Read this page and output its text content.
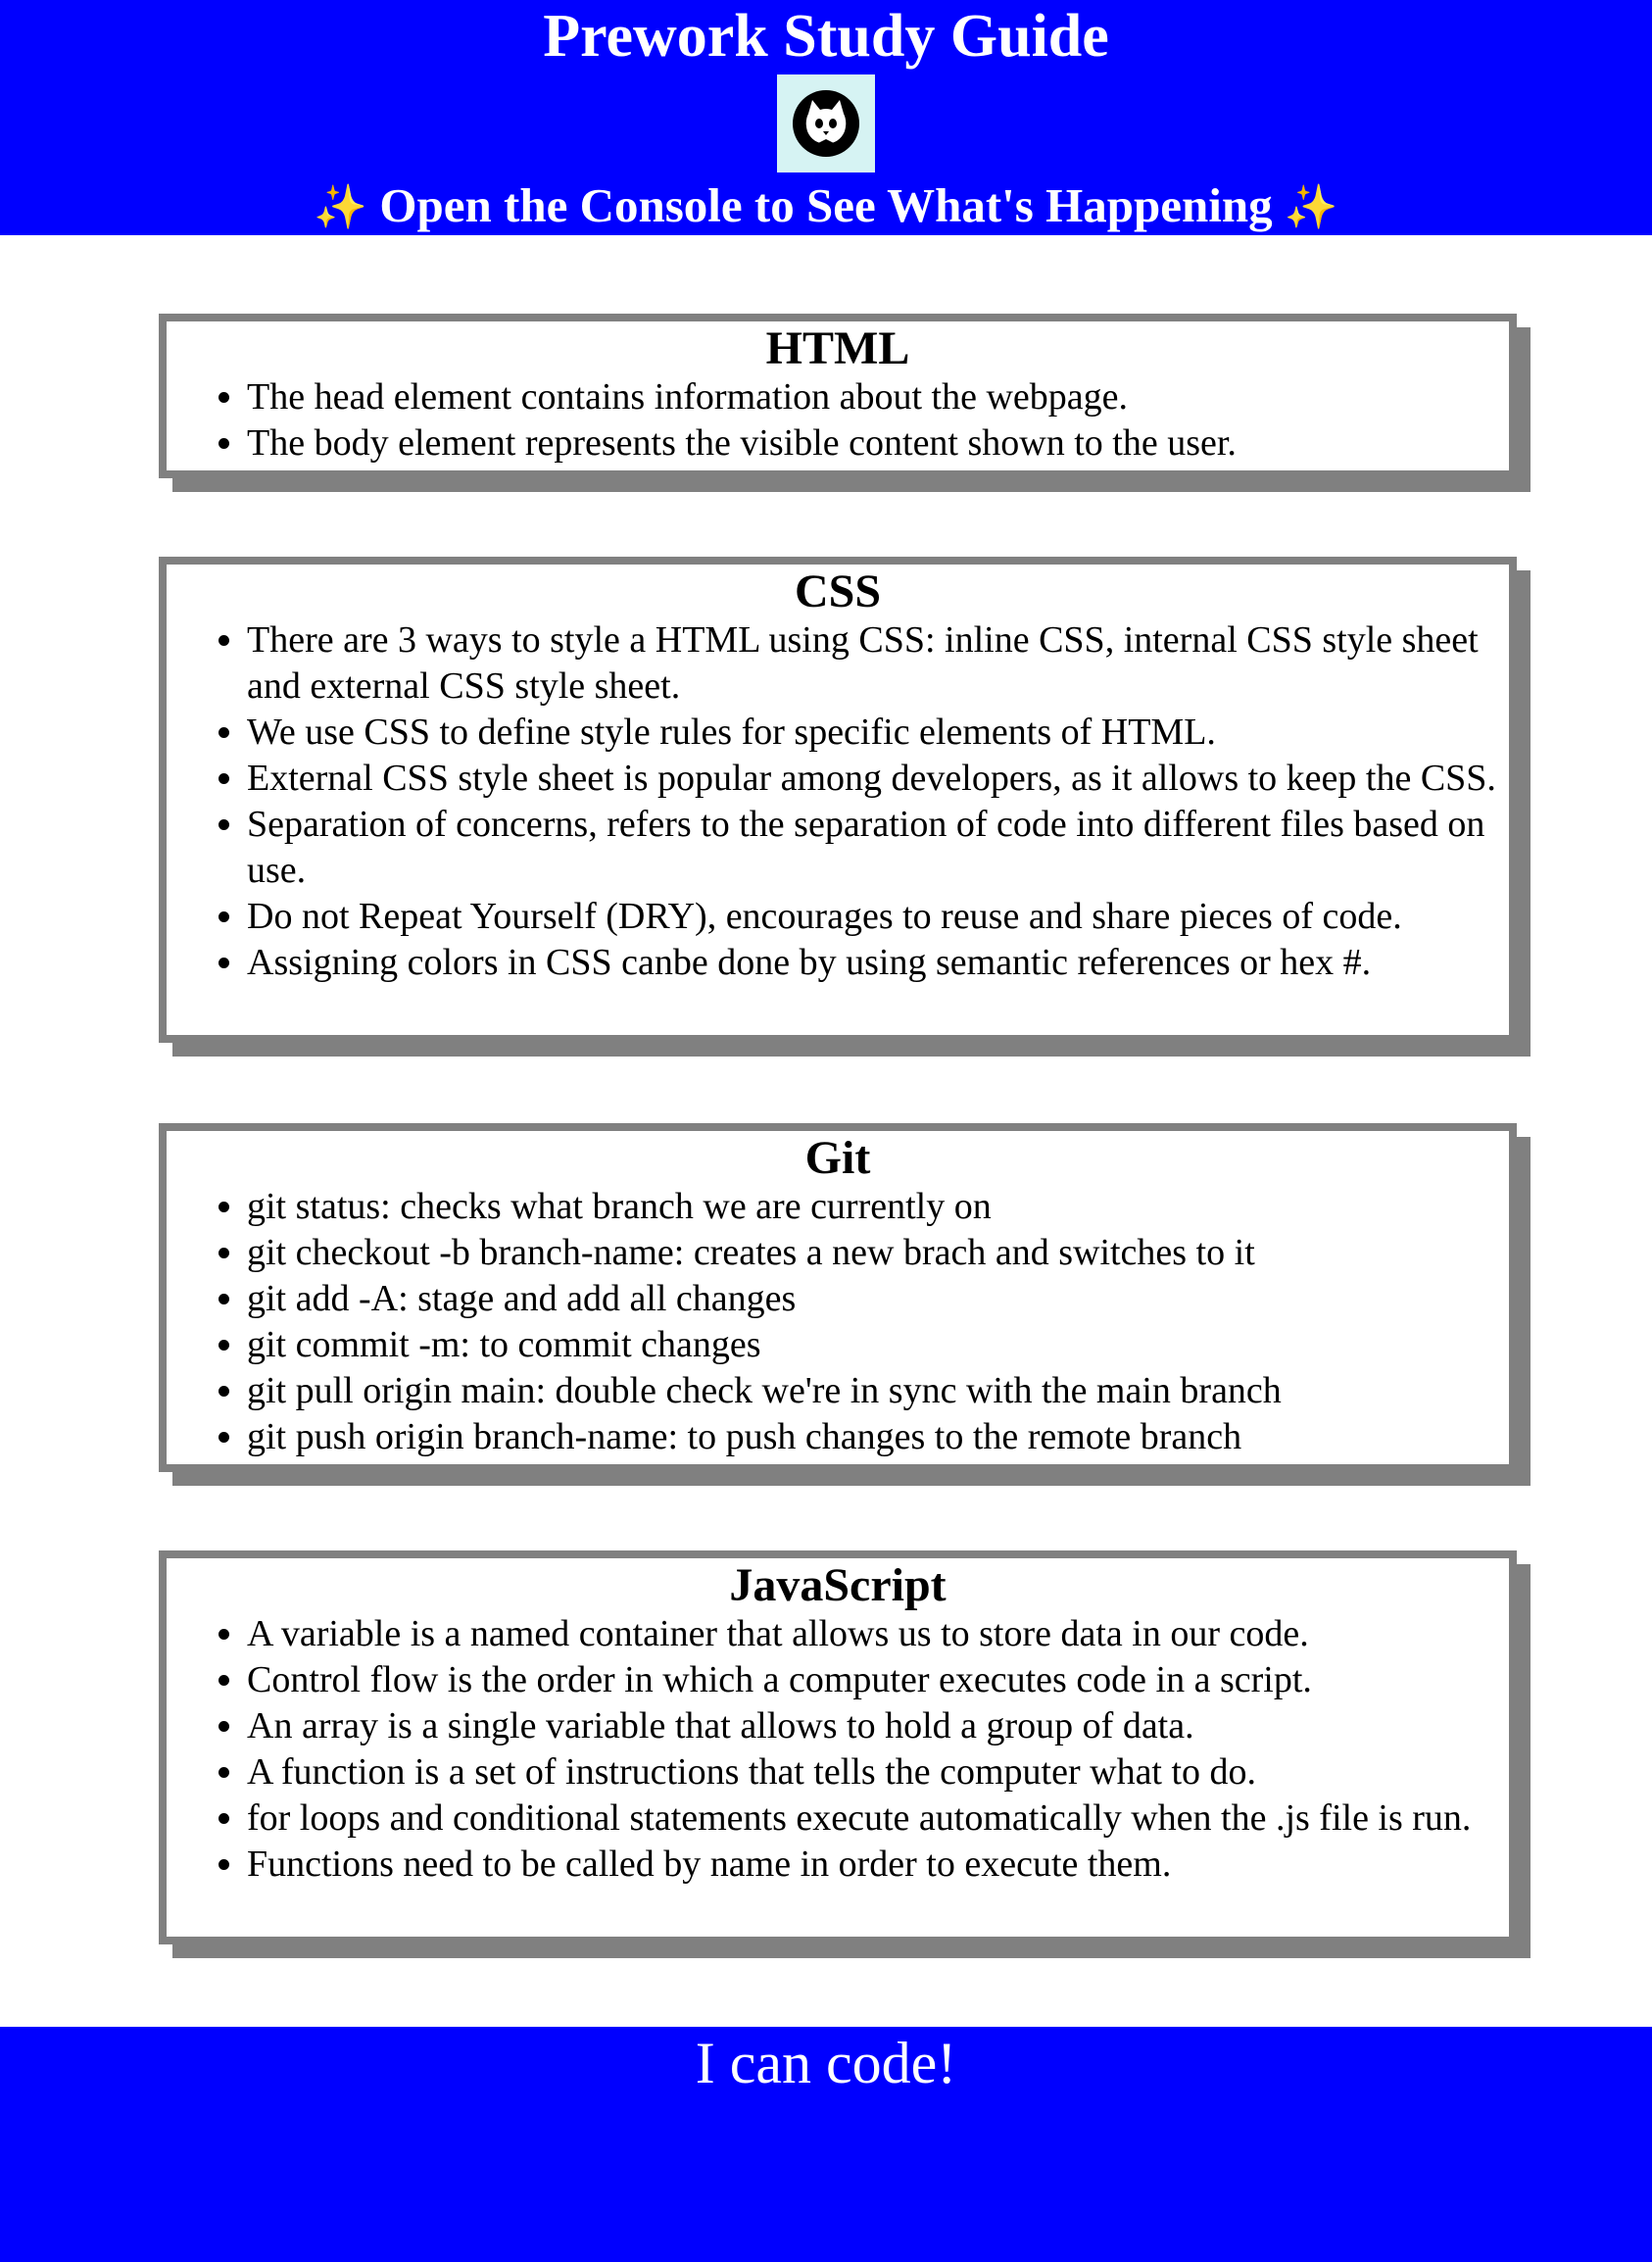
Prework Study Guide
✨ Open the Console to See What's Happening ✨
HTML
• The head element contains information about the webpage.
• The body element represents the visible content shown to the user.
CSS
• There are 3 ways to style a HTML using CSS: inline CSS, internal CSS style sheet and external CSS style sheet.
• We use CSS to define style rules for specific elements of HTML.
• External CSS style sheet is popular among developers, as it allows to keep the CSS.
• Separation of concerns, refers to the separation of code into different files based on use.
• Do not Repeat Yourself (DRY), encourages to reuse and share pieces of code.
• Assigning colors in CSS canbe done by using semantic references or hex #.
Git
• git status: checks what branch we are currently on
• git checkout -b branch-name: creates a new brach and switches to it
• git add -A: stage and add all changes
• git commit -m: to commit changes
• git pull origin main: double check we're in sync with the main branch
• git push origin branch-name: to push changes to the remote branch
JavaScript
• A variable is a named container that allows us to store data in our code.
• Control flow is the order in which a computer executes code in a script.
• An array is a single variable that allows to hold a group of data.
• A function is a set of instructions that tells the computer what to do.
• for loops and conditional statements execute automatically when the .js file is run.
• Functions need to be called by name in order to execute them.
I can code!
